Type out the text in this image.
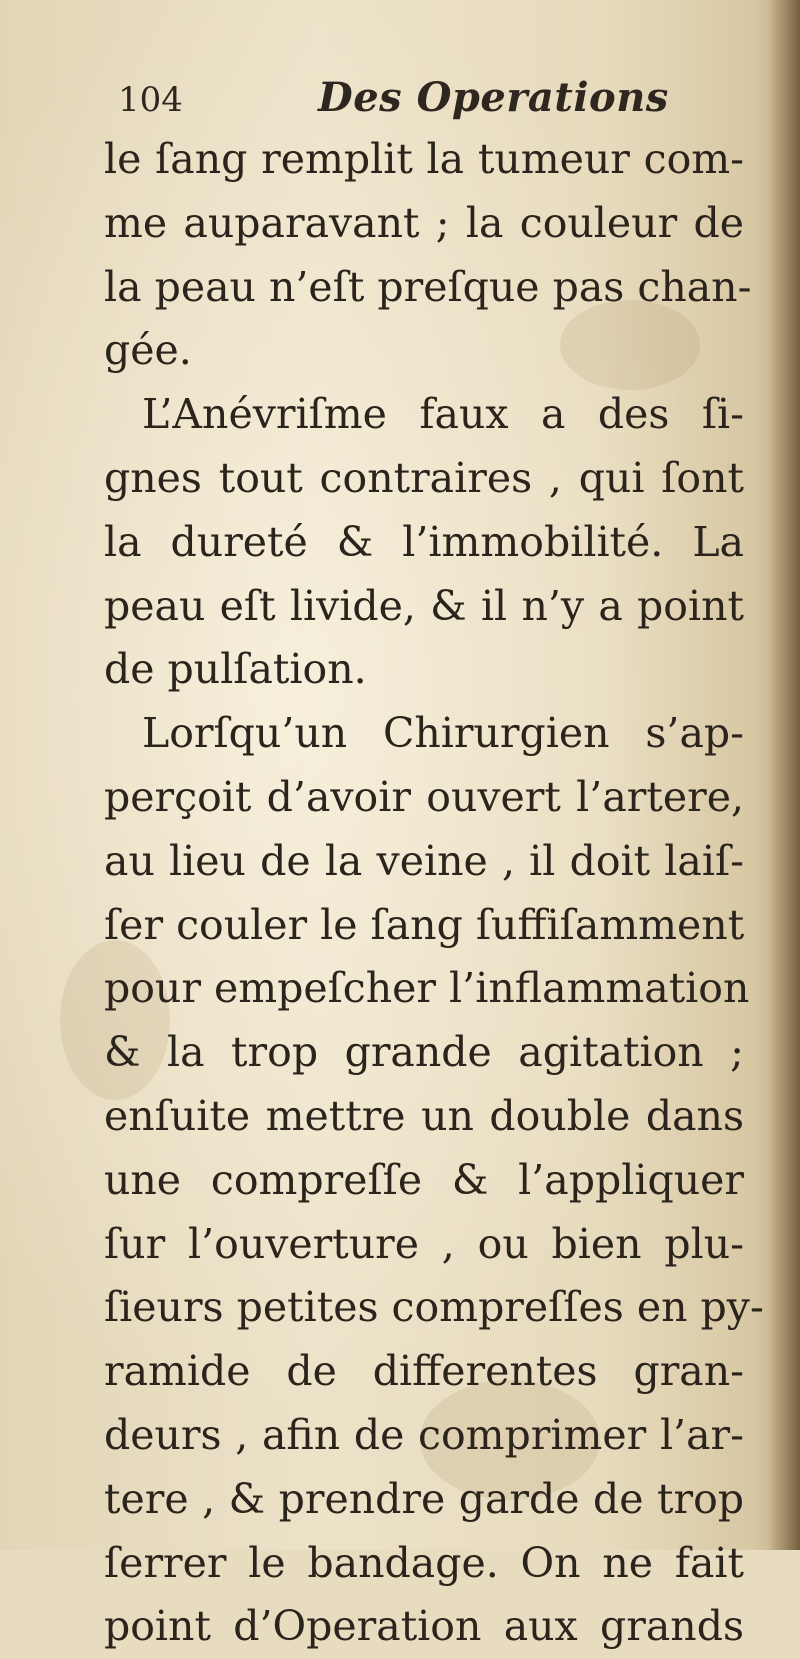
104	Des Operations
le ſang remplit la tumeur com-
me auparavant ; la couleur de
la peau n’eſt preſque pas chan-
gée.
L’Anévriſme faux a des ſi-
gnes tout contraires , qui ſont
la dureté & l’immobilité. La
peau eſt livide, & il n’y a point
de pulſation.
Lorſqu’un Chirurgien s’ap-
perçoit d’avoir ouvert l’artere,
au lieu de la veine , il doit laiſ-
ſer couler le ſang ſuffiſamment
pour empeſcher l’inflammation
& la trop grande agitation ;
enſuite mettre un double dans
une compreſſe & l’appliquer
ſur l’ouverture , ou bien plu-
ſieurs petites compreſſes en py-
ramide de differentes gran-
deurs , afin de comprimer l’ar-
tere , & prendre garde de trop
ſerrer le bandage. On ne fait
point d’Operation aux grands
